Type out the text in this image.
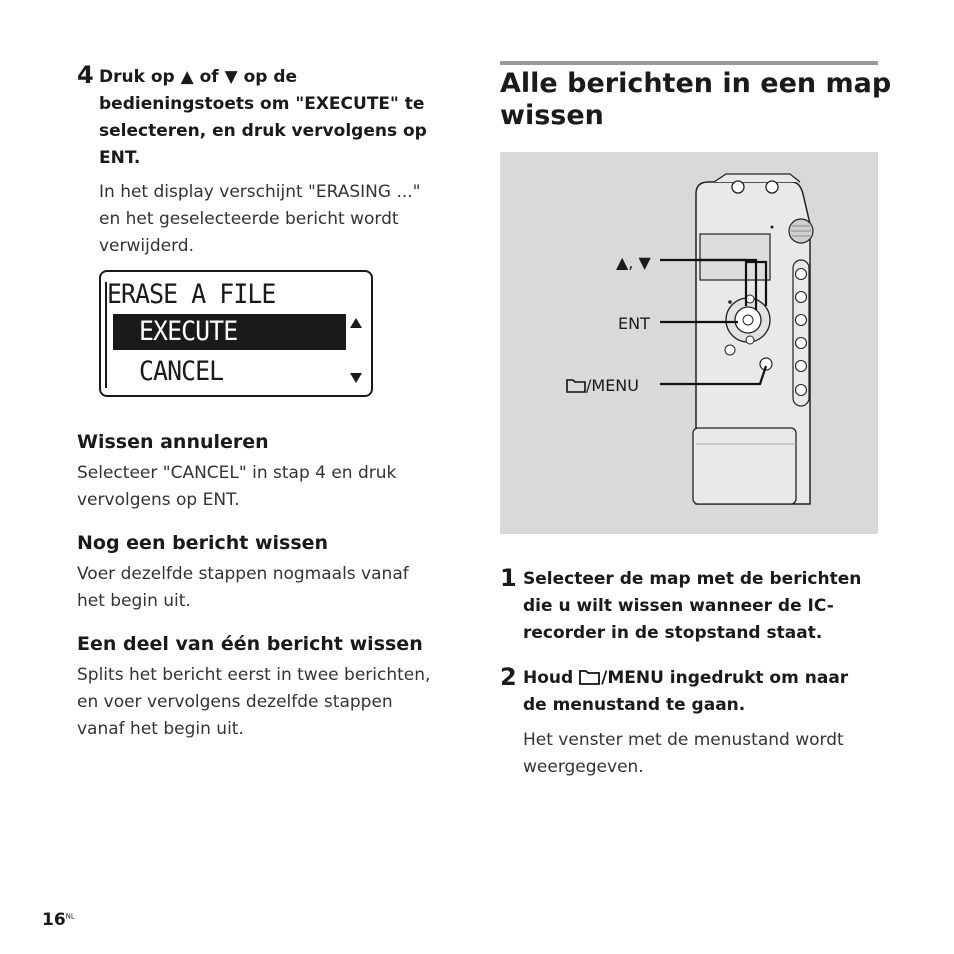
4 Druk op ▲ of ▼ op de
bedieningstoets om "EXECUTE" te
selecteren, en druk vervolgens op
ENT.
In het display verschijnt "ERASING ..."
en het geselecteerde bericht wordt
verwijderd.
ERASE A FILE
EXECUTE
CANCEL
Wissen annuleren
Selecteer "CANCEL" in stap 4 en druk
vervolgens op ENT.
Nog een bericht wissen
Voer dezelfde stappen nogmaals vanaf
het begin uit.
Een deel van één bericht wissen
Splits het bericht eerst in twee berichten,
en voer vervolgens dezelfde stappen
vanaf het begin uit.
Alle berichten in een map
wissen
▲, ▼
ENT
/MENU
1 Selecteer de map met de berichten
die u wilt wissen wanneer de IC-
recorder in de stopstand staat.
2 Houd /MENU ingedrukt om naar
de menustand te gaan.
Het venster met de menustand wordt
weergegeven.
$16^{NL}$
